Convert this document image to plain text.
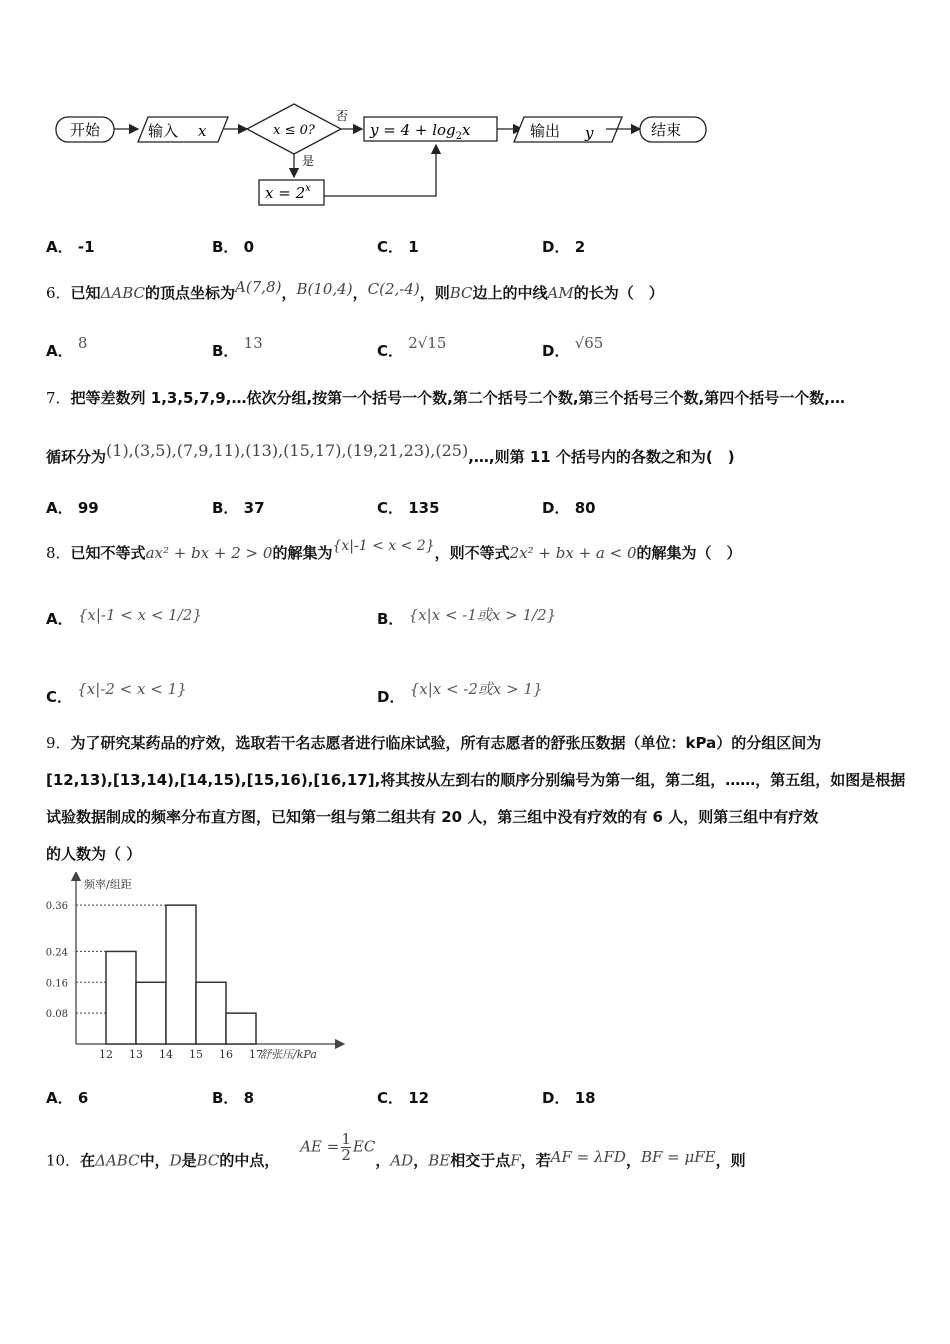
开始	输入 x	x ≤ 0?
否
$y = 4 + \log_2x$	输出 y	结束
是
$x = 2^x$
A． -1	B． 0	C． 1	D． 2
6．已知ΔABC的顶点坐标为A(7,8)，B(10,4)，C(2,-4)，则BC边上的中线AM的长为（　）
A． 8	B． 13	C． 2√15	D． √65
7．把等差数列 1,3,5,7,9,…依次分组,按第一个括号一个数,第二个括号二个数,第三个括号三个数,第四个括号一个数,…
循环分为(1),(3,5),(7,9,11),(13),(15,17),(19,21,23),(25),…,则第 11 个括号内的各数之和为(　)
A． 99	B． 37	C． 135	D． 80
8．已知不等式ax² + bx + 2 > 0的解集为{x|-1 < x < 2}，则不等式2x² + bx + a < 0的解集为（　）
A． {x|-1 < x < 1/2}	B． {x|x < -1或x > 1/2}
C． {x|-2 < x < 1}	D． {x|x < -2或x > 1}
9．为了研究某药品的疗效，选取若干名志愿者进行临床试验，所有志愿者的舒张压数据（单位：kPa）的分组区间为
[12,13),[13,14),[14,15),[15,16),[16,17],将其按从左到右的顺序分别编号为第一组，第二组，……，第五组，如图是根据
试验数据制成的频率分布直方图，已知第一组与第二组共有 20 人，第三组中没有疗效的有 6 人，则第三组中有疗效
的人数为（ ）
频率/组距
舒张压/kPa
0.08
0.16
0.24
0.36
12 13 14 15 16 17
A． 6	B． 8	C． 12	D． 18
10．在ΔABC中，D是BC的中点， AE = $\frac{1}{2}$ EC，AD，BE相交于点F，若AF = λFD，BF = μFE，则
